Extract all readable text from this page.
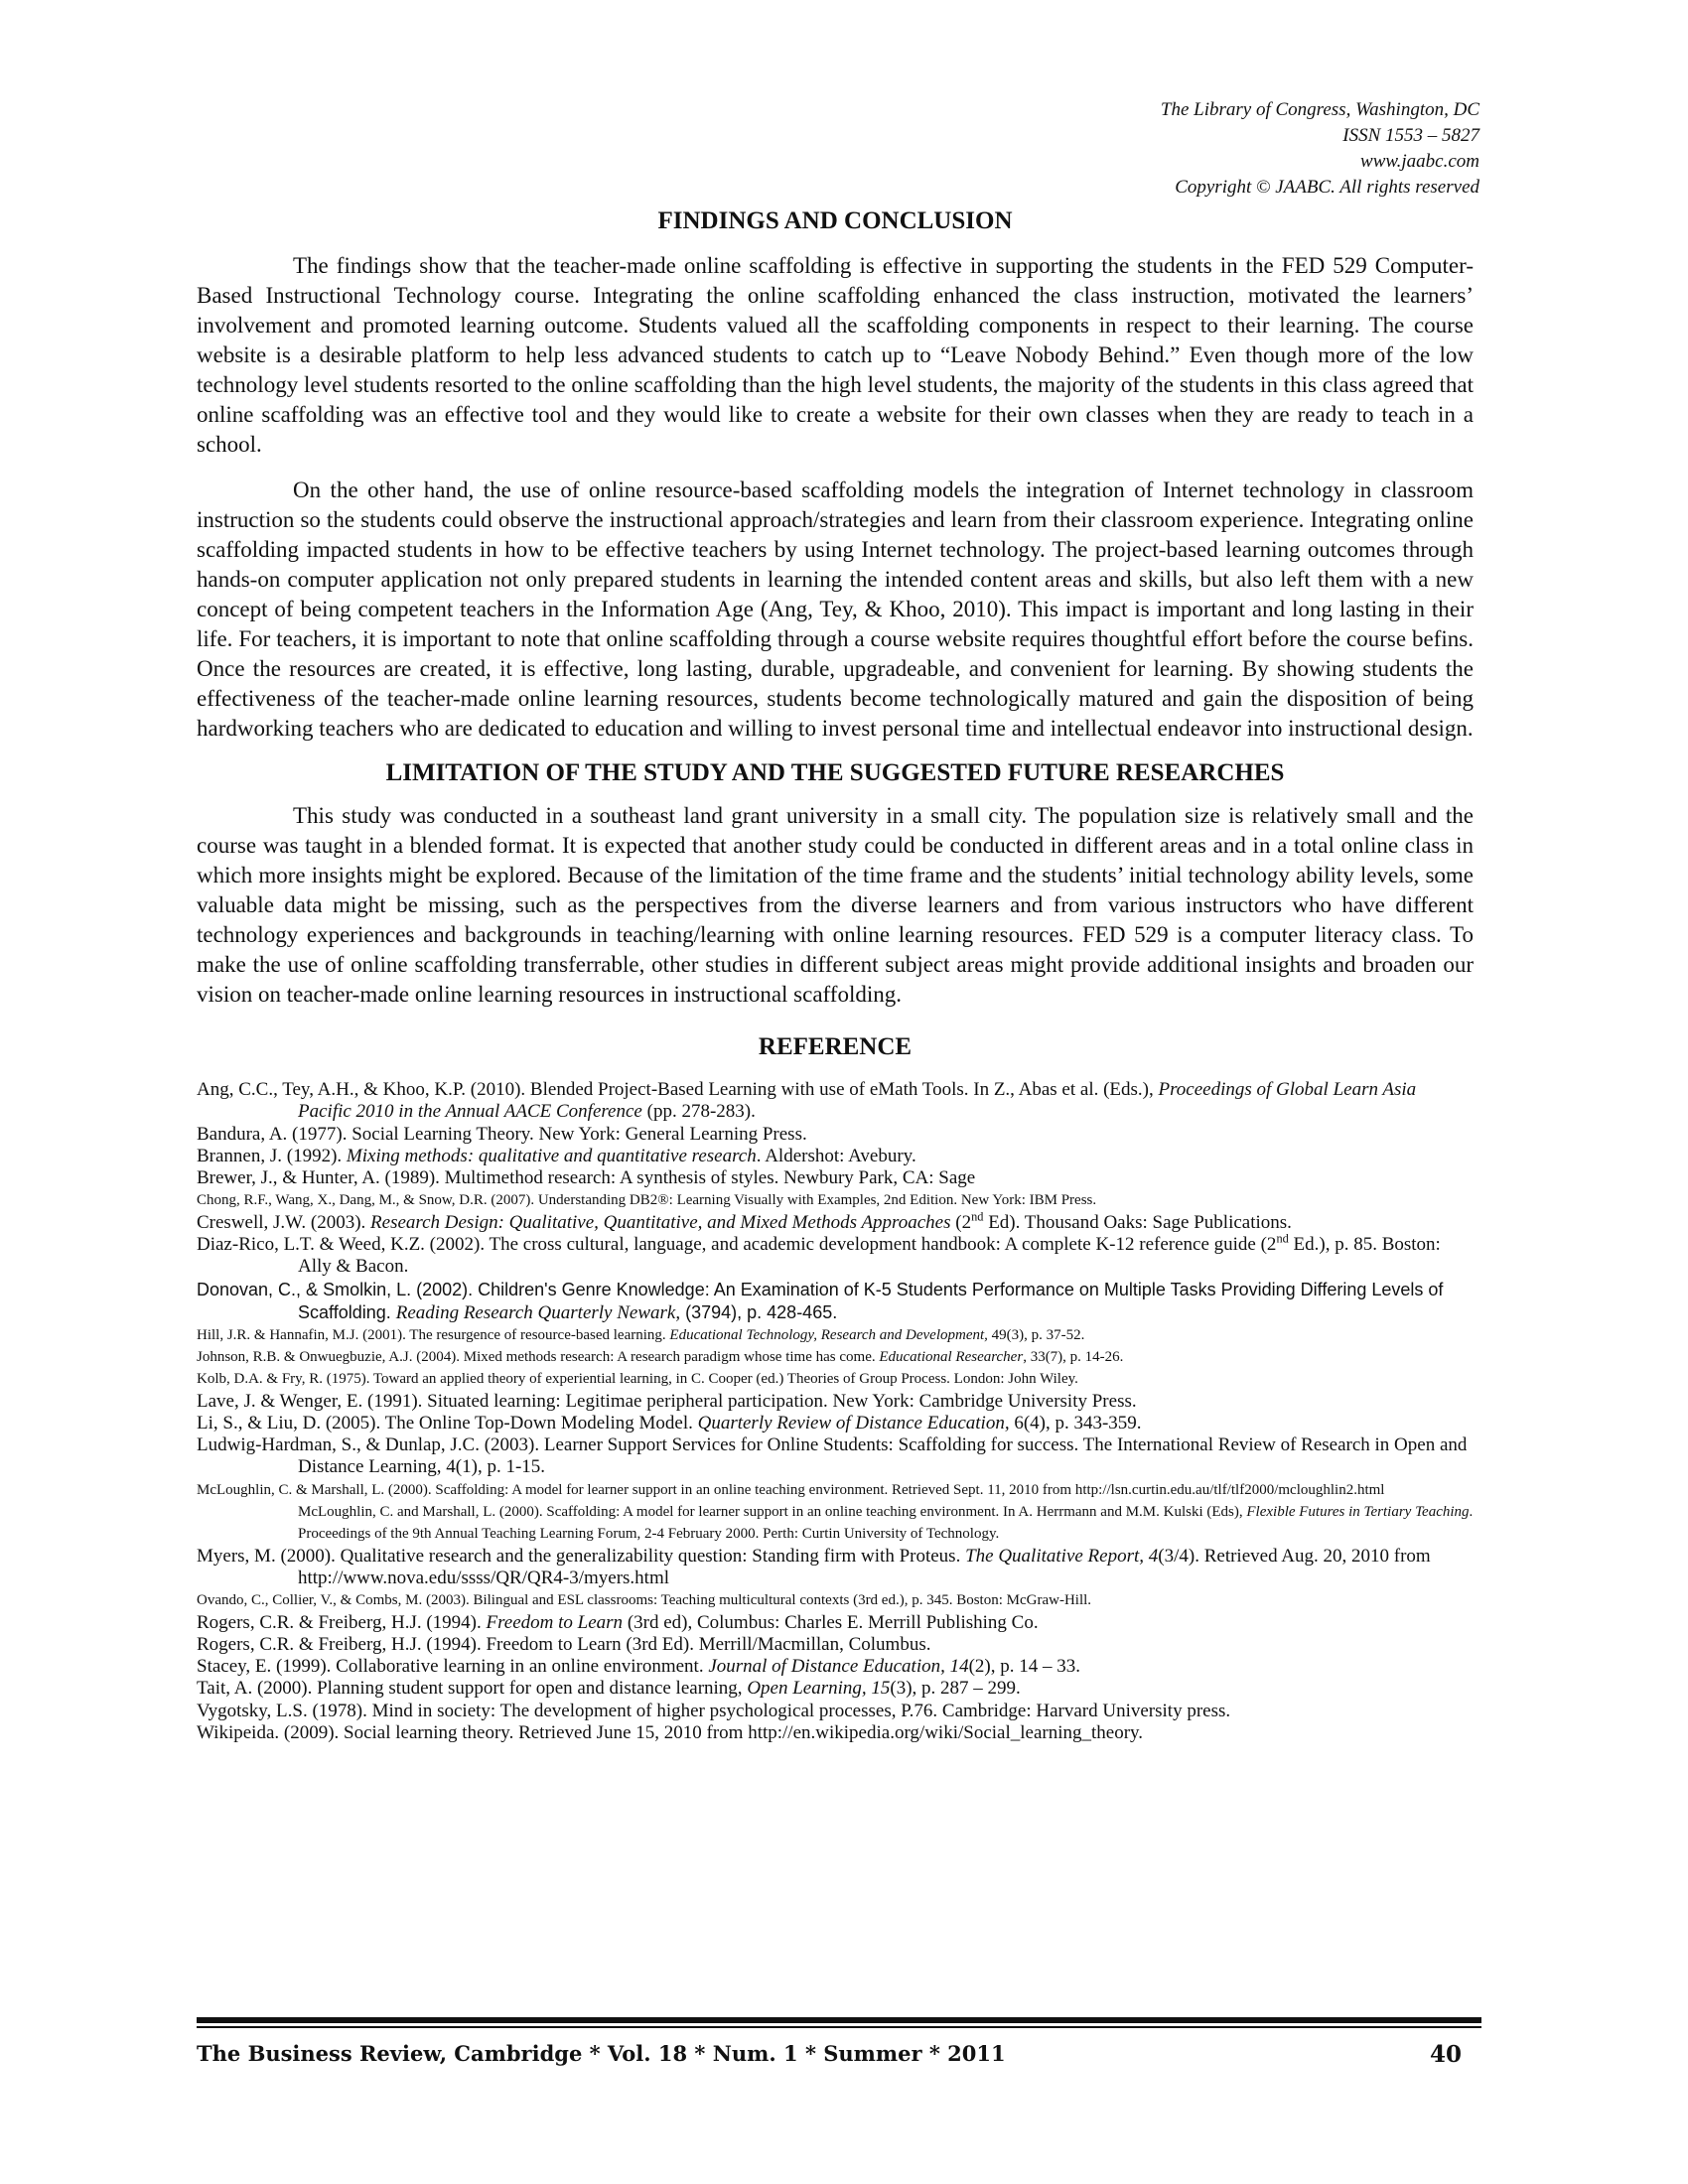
The Library of Congress, Washington, DC
ISSN 1553 – 5827
www.jaabc.com
Copyright © JAABC. All rights reserved
FINDINGS AND CONCLUSION

The findings show that the teacher-made online scaffolding is effective in supporting the students in the FED 529 Computer-Based Instructional Technology course. Integrating the online scaffolding enhanced the class instruction, motivated the learners’ involvement and promoted learning outcome. Students valued all the scaffolding components in respect to their learning. The course website is a desirable platform to help less advanced students to catch up to “Leave Nobody Behind.” Even though more of the low technology level students resorted to the online scaffolding than the high level students, the majority of the students in this class agreed that online scaffolding was an effective tool and they would like to create a website for their own classes when they are ready to teach in a school.

On the other hand, the use of online resource-based scaffolding models the integration of Internet technology in classroom instruction so the students could observe the instructional approach/strategies and learn from their classroom experience. Integrating online scaffolding impacted students in how to be effective teachers by using Internet technology. The project-based learning outcomes through hands-on computer application not only prepared students in learning the intended content areas and skills, but also left them with a new concept of being competent teachers in the Information Age (Ang, Tey, & Khoo, 2010). This impact is important and long lasting in their life. For teachers, it is important to note that online scaffolding through a course website requires thoughtful effort before the course befins. Once the resources are created, it is effective, long lasting, durable, upgradeable, and convenient for learning. By showing students the effectiveness of the teacher-made online learning resources, students become technologically matured and gain the disposition of being hardworking teachers who are dedicated to education and willing to invest personal time and intellectual endeavor into instructional design.

LIMITATION OF THE STUDY AND THE SUGGESTED FUTURE RESEARCHES

This study was conducted in a southeast land grant university in a small city. The population size is relatively small and the course was taught in a blended format. It is expected that another study could be conducted in different areas and in a total online class in which more insights might be explored. Because of the limitation of the time frame and the students’ initial technology ability levels, some valuable data might be missing, such as the perspectives from the diverse learners and from various instructors who have different technology experiences and backgrounds in teaching/learning with online learning resources. FED 529 is a computer literacy class. To make the use of online scaffolding transferrable, other studies in different subject areas might provide additional insights and broaden our vision on teacher-made online learning resources in instructional scaffolding.

REFERENCE
Ang, C.C., Tey, A.H., & Khoo, K.P. (2010). Blended Project-Based Learning with use of eMath Tools. In Z., Abas et al. (Eds.), Proceedings of Global Learn Asia Pacific 2010 in the Annual AACE Conference (pp. 278-283).
Bandura, A. (1977). Social Learning Theory. New York: General Learning Press.
Brannen, J. (1992). Mixing methods: qualitative and quantitative research. Aldershot: Avebury.
Brewer, J., & Hunter, A. (1989). Multimethod research: A synthesis of styles. Newbury Park, CA: Sage
Chong, R.F., Wang, X., Dang, M., & Snow, D.R. (2007). Understanding DB2®: Learning Visually with Examples, 2nd Edition. New York: IBM Press.
Creswell, J.W. (2003). Research Design: Qualitative, Quantitative, and Mixed Methods Approaches (2nd Ed). Thousand Oaks: Sage Publications.
Diaz-Rico, L.T. & Weed, K.Z. (2002). The cross cultural, language, and academic development handbook: A complete K-12 reference guide (2nd Ed.), p. 85. Boston: Ally & Bacon.
Donovan, C., & Smolkin, L. (2002). Children's Genre Knowledge: An Examination of K-5 Students Performance on Multiple Tasks Providing Differing Levels of Scaffolding. Reading Research Quarterly Newark, (3794), p. 428-465.
Hill, J.R. & Hannafin, M.J. (2001). The resurgence of resource-based learning. Educational Technology, Research and Development, 49(3), p. 37-52.
Johnson, R.B. & Onwuegbuzie, A.J. (2004). Mixed methods research: A research paradigm whose time has come. Educational Researcher, 33(7), p. 14-26.
Kolb, D.A. & Fry, R. (1975). Toward an applied theory of experiential learning, in C. Cooper (ed.) Theories of Group Process. London: John Wiley.
Lave, J. & Wenger, E. (1991). Situated learning: Legitimae peripheral participation. New York: Cambridge University Press.
Li, S., & Liu, D. (2005). The Online Top-Down Modeling Model. Quarterly Review of Distance Education, 6(4), p. 343-359.
Ludwig-Hardman, S., & Dunlap, J.C. (2003). Learner Support Services for Online Students: Scaffolding for success. The International Review of Research in Open and Distance Learning, 4(1), p. 1-15.
McLoughlin, C. & Marshall, L. (2000). Scaffolding: A model for learner support in an online teaching environment. Retrieved Sept. 11, 2010 from http://lsn.curtin.edu.au/tlf/tlf2000/mcloughlin2.html
McLoughlin, C. and Marshall, L. (2000). Scaffolding: A model for learner support in an online teaching environment. In A. Herrmann and M.M. Kulski (Eds), Flexible Futures in Tertiary Teaching. Proceedings of the 9th Annual Teaching Learning Forum, 2-4 February 2000. Perth: Curtin University of Technology.
Myers, M. (2000). Qualitative research and the generalizability question: Standing firm with Proteus. The Qualitative Report, 4(3/4). Retrieved Aug. 20, 2010 from http://www.nova.edu/ssss/QR/QR4-3/myers.html
Ovando, C., Collier, V., & Combs, M. (2003). Bilingual and ESL classrooms: Teaching multicultural contexts (3rd ed.), p. 345. Boston: McGraw-Hill.
Rogers, C.R. & Freiberg, H.J. (1994). Freedom to Learn (3rd ed), Columbus: Charles E. Merrill Publishing Co.
Rogers, C.R. & Freiberg, H.J. (1994). Freedom to Learn (3rd Ed). Merrill/Macmillan, Columbus.
Stacey, E. (1999). Collaborative learning in an online environment. Journal of Distance Education, 14(2), p. 14 – 33.
Tait, A. (2000). Planning student support for open and distance learning, Open Learning, 15(3), p. 287 – 299.
Vygotsky, L.S. (1978). Mind in society: The development of higher psychological processes, P.76. Cambridge: Harvard University press.
Wikipeida. (2009). Social learning theory. Retrieved June 15, 2010 from http://en.wikipedia.org/wiki/Social_learning_theory.
The Business Review, Cambridge * Vol. 18 * Num. 1 * Summer * 2011	40
